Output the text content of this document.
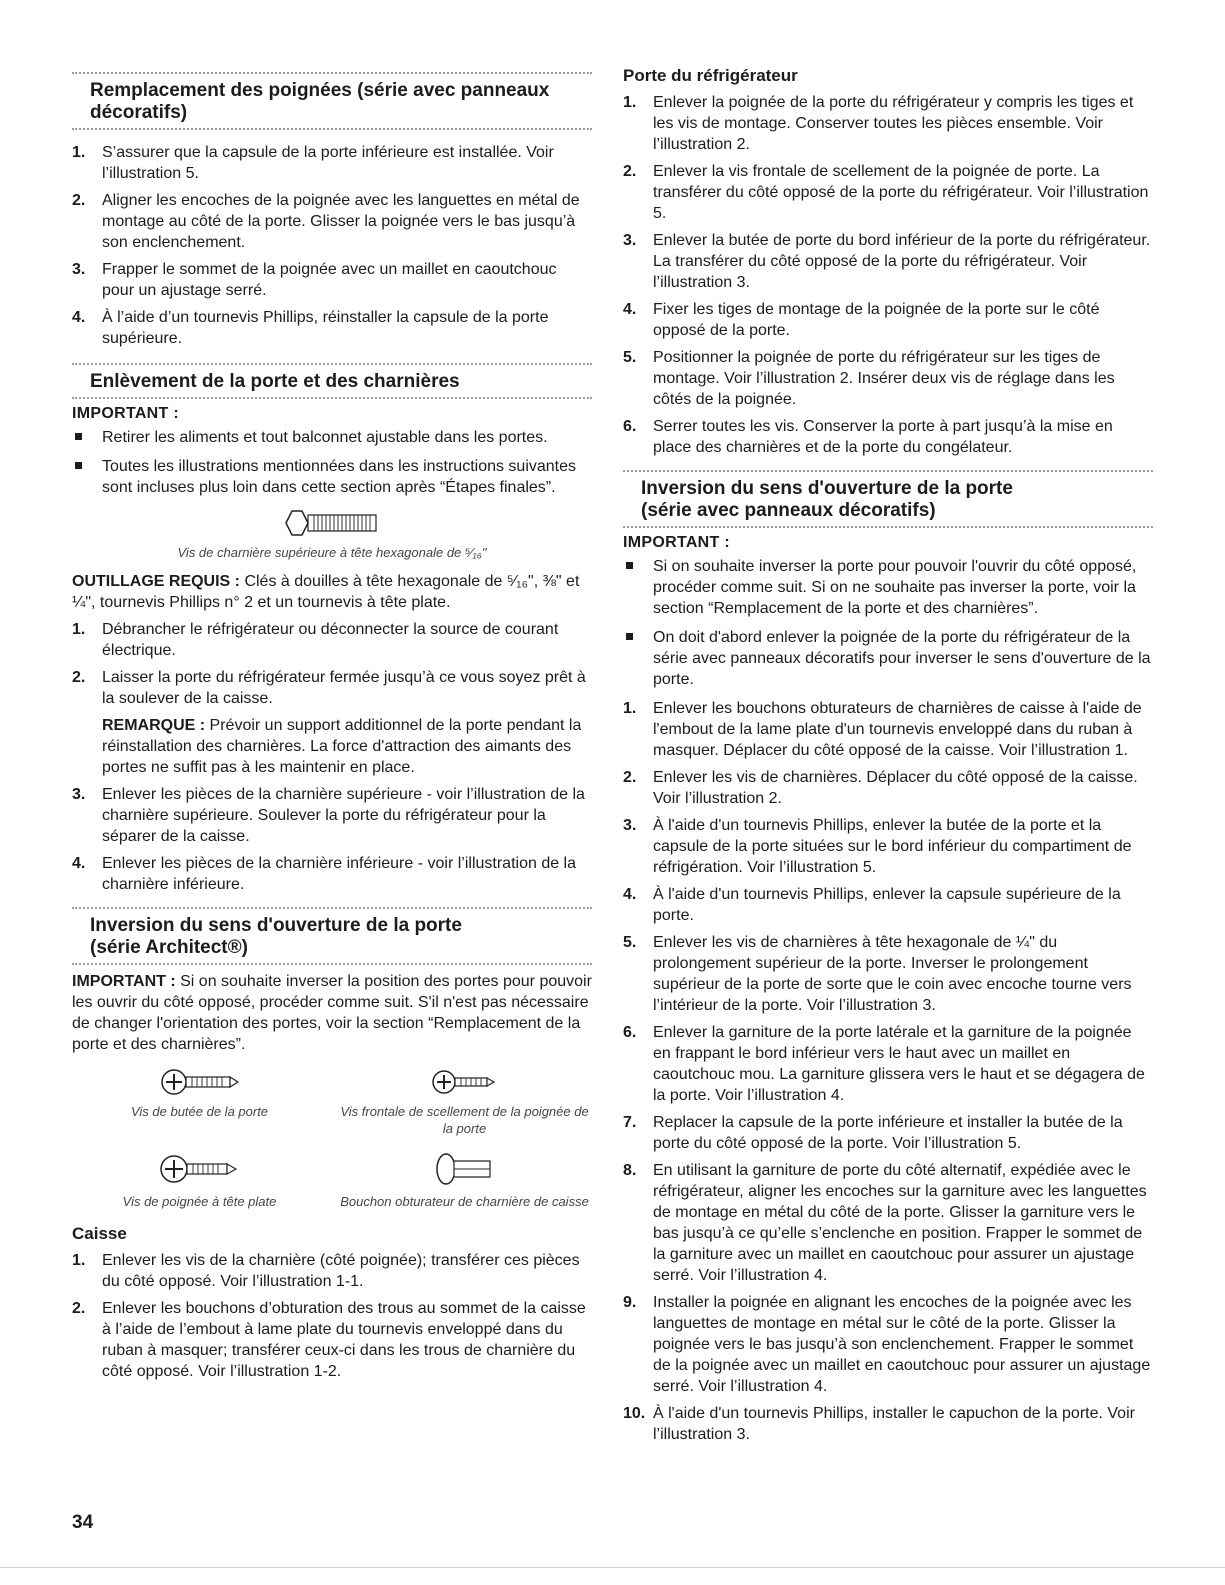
Remplacement des poignées (série avec panneaux décoratifs)
1. S’assurer que la capsule de la porte inférieure est installée. Voir l’illustration 5.
2. Aligner les encoches de la poignée avec les languettes en métal de montage au côté de la porte. Glisser la poignée vers le bas jusqu’à son enclenchement.
3. Frapper le sommet de la poignée avec un maillet en caoutchouc pour un ajustage serré.
4. À l’aide d’un tournevis Phillips, réinstaller la capsule de la porte supérieure.
Enlèvement de la porte et des charnières
IMPORTANT :
Retirer les aliments et tout balconnet ajustable dans les portes.
Toutes les illustrations mentionnées dans les instructions suivantes sont incluses plus loin dans cette section après “Étapes finales”.
Vis de charnière supérieure à tête hexagonale de ⁵⁄₁₆"

OUTILLAGE REQUIS : Clés à douilles à tête hexagonale de ⁵⁄₁₆", ⅜" et ¼", tournevis Phillips n° 2 et un tournevis à tête plate.

1. Débrancher le réfrigérateur ou déconnecter la source de courant électrique.
2. Laisser la porte du réfrigérateur fermée jusqu’à ce vous soyez prêt à la soulever de la caisse.
REMARQUE : Prévoir un support additionnel de la porte pendant la réinstallation des charnières. La force d'attraction des aimants des portes ne suffit pas à les maintenir en place.
3. Enlever les pièces de la charnière supérieure - voir l’illustration de la charnière supérieure. Soulever la porte du réfrigérateur pour la séparer de la caisse.
4. Enlever les pièces de la charnière inférieure - voir l’illustration de la charnière inférieure.
Inversion du sens d'ouverture de la porte
(série Architect®)

IMPORTANT : Si on souhaite inverser la position des portes pour pouvoir les ouvrir du côté opposé, procéder comme suit. S'il n'est pas nécessaire de changer l'orientation des portes, voir la section “Remplacement de la porte et des charnières”.

Vis de butée de la porte	Vis frontale de scellement de la poignée de la porte
Vis de poignée à tête plate	Bouchon obturateur de charnière de caisse
Caisse
1. Enlever les vis de la charnière (côté poignée); transférer ces pièces du côté opposé. Voir l’illustration 1-1.
2. Enlever les bouchons d’obturation des trous au sommet de la caisse à l’aide de l’embout à lame plate du tournevis enveloppé dans du ruban à masquer; transférer ceux-ci dans les trous de charnière du côté opposé. Voir l’illustration 1-2.
Porte du réfrigérateur
1. Enlever la poignée de la porte du réfrigérateur y compris les tiges et les vis de montage. Conserver toutes les pièces ensemble. Voir l’illustration 2.
2. Enlever la vis frontale de scellement de la poignée de porte. La transférer du côté opposé de la porte du réfrigérateur. Voir l’illustration 5.
3. Enlever la butée de porte du bord inférieur de la porte du réfrigérateur. La transférer du côté opposé de la porte du réfrigérateur. Voir l’illustration 3.
4. Fixer les tiges de montage de la poignée de la porte sur le côté opposé de la porte.
5. Positionner la poignée de porte du réfrigérateur sur les tiges de montage. Voir l’illustration 2. Insérer deux vis de réglage dans les côtés de la poignée.
6. Serrer toutes les vis. Conserver la porte à part jusqu’à la mise en place des charnières et de la porte du congélateur.
Inversion du sens d'ouverture de la porte
(série avec panneaux décoratifs)
IMPORTANT :
Si on souhaite inverser la porte pour pouvoir l'ouvrir du côté opposé, procéder comme suit. Si on ne souhaite pas inverser la porte, voir la section “Remplacement de la porte et des charnières”.
On doit d'abord enlever la poignée de la porte du réfrigérateur de la série avec panneaux décoratifs pour inverser le sens d'ouverture de la porte.
1. Enlever les bouchons obturateurs de charnières de caisse à l'aide de l'embout de la lame plate d'un tournevis enveloppé dans du ruban à masquer. Déplacer du côté opposé de la caisse. Voir l’illustration 1.
2. Enlever les vis de charnières. Déplacer du côté opposé de la caisse. Voir l’illustration 2.
3. À l'aide d'un tournevis Phillips, enlever la butée de la porte et la capsule de la porte situées sur le bord inférieur du compartiment de réfrigération. Voir l’illustration 5.
4. À l'aide d'un tournevis Phillips, enlever la capsule supérieure de la porte.
5. Enlever les vis de charnières à tête hexagonale de ¼" du prolongement supérieur de la porte. Inverser le prolongement supérieur de la porte de sorte que le coin avec encoche tourne vers l’intérieur de la porte. Voir l’illustration 3.
6. Enlever la garniture de la porte latérale et la garniture de la poignée en frappant le bord inférieur vers le haut avec un maillet en caoutchouc mou. La garniture glissera vers le haut et se dégagera de la porte. Voir l’illustration 4.
7. Replacer la capsule de la porte inférieure et installer la butée de la porte du côté opposé de la porte. Voir l’illustration 5.
8. En utilisant la garniture de porte du côté alternatif, expédiée avec le réfrigérateur, aligner les encoches sur la garniture avec les languettes de montage en métal du côté de la porte. Glisser la garniture vers le bas jusqu’à ce qu’elle s’enclenche en position. Frapper le sommet de la garniture avec un maillet en caoutchouc pour assurer un ajustage serré. Voir l’illustration 4.
9. Installer la poignée en alignant les encoches de la poignée avec les languettes de montage en métal sur le côté de la porte. Glisser la poignée vers le bas jusqu’à son enclenchement. Frapper le sommet de la poignée avec un maillet en caoutchouc pour assurer un ajustage serré. Voir l’illustration 4.
10. À l'aide d'un tournevis Phillips, installer le capuchon de la porte. Voir l’illustration 3.
34
